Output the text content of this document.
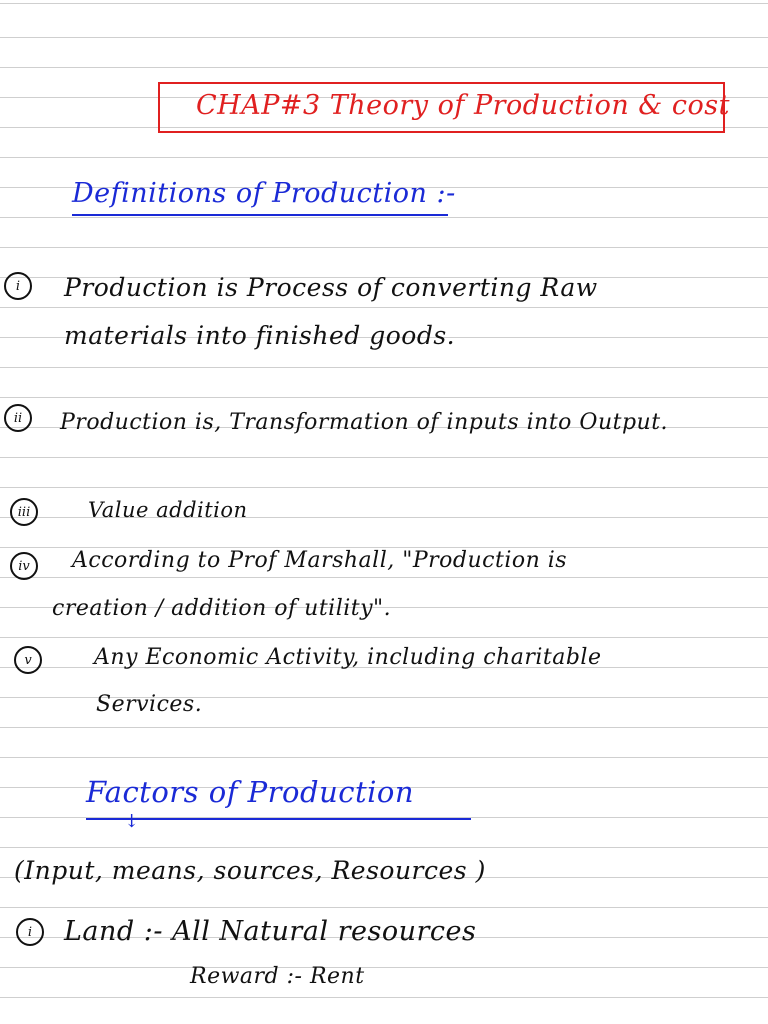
CHAP#3 Theory of Production & cost
Definitions of Production :-
i Production is Process of converting Raw
materials into finished goods.
ii Production is, Transformation of inputs into Output.
iii	Value addition
iv According to Prof Marshall, "Production is
creation / addition of utility".
v	Any Economic Activity, including charitable
Services.
Factors of Production
↓
(Input, means, sources, Resources )
i Land :- All Natural resources
Reward :- Rent
